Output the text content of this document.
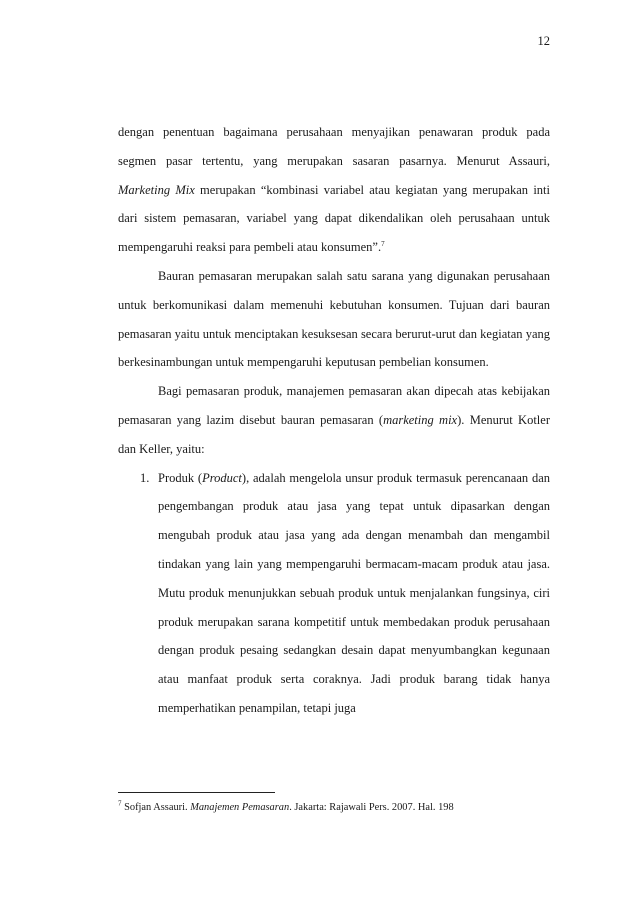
12

dengan penentuan bagaimana perusahaan menyajikan penawaran produk pada segmen pasar tertentu, yang merupakan sasaran pasarnya. Menurut Assauri, Marketing Mix merupakan “kombinasi variabel atau kegiatan yang merupakan inti dari sistem pemasaran, variabel yang dapat dikendalikan oleh perusahaan untuk mempengaruhi reaksi para pembeli atau konsumen”.$^7$

Bauran pemasaran merupakan salah satu sarana yang digunakan perusahaan untuk berkomunikasi dalam memenuhi kebutuhan konsumen. Tujuan dari bauran pemasaran yaitu untuk menciptakan kesuksesan secara berurut-urut dan kegiatan yang berkesinambungan untuk mempengaruhi keputusan pembelian konsumen.

Bagi pemasaran produk, manajemen pemasaran akan dipecah atas kebijakan pemasaran yang lazim disebut bauran pemasaran (marketing mix). Menurut Kotler dan Keller, yaitu:

1. Produk (Product), adalah mengelola unsur produk termasuk perencanaan dan pengembangan produk atau jasa yang tepat untuk dipasarkan dengan mengubah produk atau jasa yang ada dengan menambah dan mengambil tindakan yang lain yang mempengaruhi bermacam-macam produk atau jasa. Mutu produk menunjukkan sebuah produk untuk menjalankan fungsinya, ciri produk merupakan sarana kompetitif untuk membedakan produk perusahaan dengan produk pesaing sedangkan desain dapat menyumbangkan kegunaan atau manfaat produk serta coraknya. Jadi produk barang tidak hanya memperhatikan penampilan, tetapi juga
$^7$ Sofjan Assauri. Manajemen Pemasaran. Jakarta: Rajawali Pers. 2007. Hal. 198
